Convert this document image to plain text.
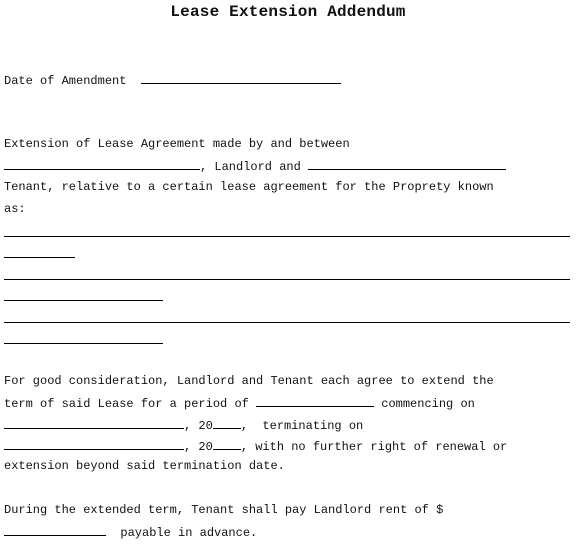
Lease Extension Addendum
Date of Amendment
Extension of Lease Agreement made by and between
, Landlord and
Tenant, relative to a certain lease agreement for the Proprety known
as:
For good consideration, Landlord and Tenant each agree to extend the
term of said Lease for a period of	commencing on
, 20 ,  terminating on
, 20 , with no further right of renewal or
extension beyond said termination date.
During the extended term, Tenant shall pay Landlord rent of $
payable in advance.
